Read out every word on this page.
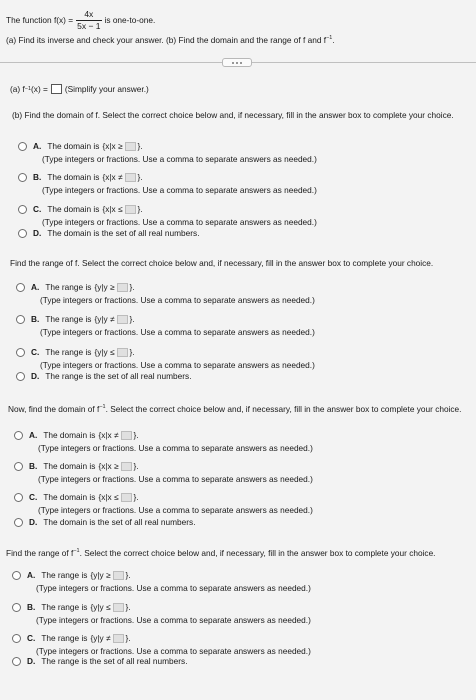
The function $f(x) = \frac{4x}{5x - 1}$ is one-to-one.
(a) Find its inverse and check your answer. (b) Find the domain and the range of f and $f^{-1}$.
(a) f −1 (x) = (Simplify your answer.)
(b) Find the domain of f. Select the correct choice below and, if necessary, fill in the answer box to complete your choice.
A. The domain is {x|x ≥ }.
(Type integers or fractions. Use a comma to separate answers as needed.)
B. The domain is {x|x ≠ }.
(Type integers or fractions. Use a comma to separate answers as needed.)
C. The domain is {x|x ≤ }.
(Type integers or fractions. Use a comma to separate answers as needed.)
D. The domain is the set of all real numbers.
Find the range of f. Select the correct choice below and, if necessary, fill in the answer box to complete your choice.
A. The range is {y|y ≥ }.
(Type integers or fractions. Use a comma to separate answers as needed.)
B. The range is {y|y ≠ }.
(Type integers or fractions. Use a comma to separate answers as needed.)
C. The range is {y|y ≤ }.
(Type integers or fractions. Use a comma to separate answers as needed.)
D. The range is the set of all real numbers.
Now, find the domain of $f^{-1}$. Select the correct choice below and, if necessary, fill in the answer box to complete your choice.
A. The domain is {x|x ≠ }.
(Type integers or fractions. Use a comma to separate answers as needed.)
B. The domain is {x|x ≥ }.
(Type integers or fractions. Use a comma to separate answers as needed.)
C. The domain is {x|x ≤ }.
(Type integers or fractions. Use a comma to separate answers as needed.)
D. The domain is the set of all real numbers.
Find the range of $f^{-1}$. Select the correct choice below and, if necessary, fill in the answer box to complete your choice.
A. The range is {y|y ≥ }.
(Type integers or fractions. Use a comma to separate answers as needed.)
B. The range is {y|y ≤ }.
(Type integers or fractions. Use a comma to separate answers as needed.)
C. The range is {y|y ≠ }.
(Type integers or fractions. Use a comma to separate answers as needed.)
D. The range is the set of all real numbers.
